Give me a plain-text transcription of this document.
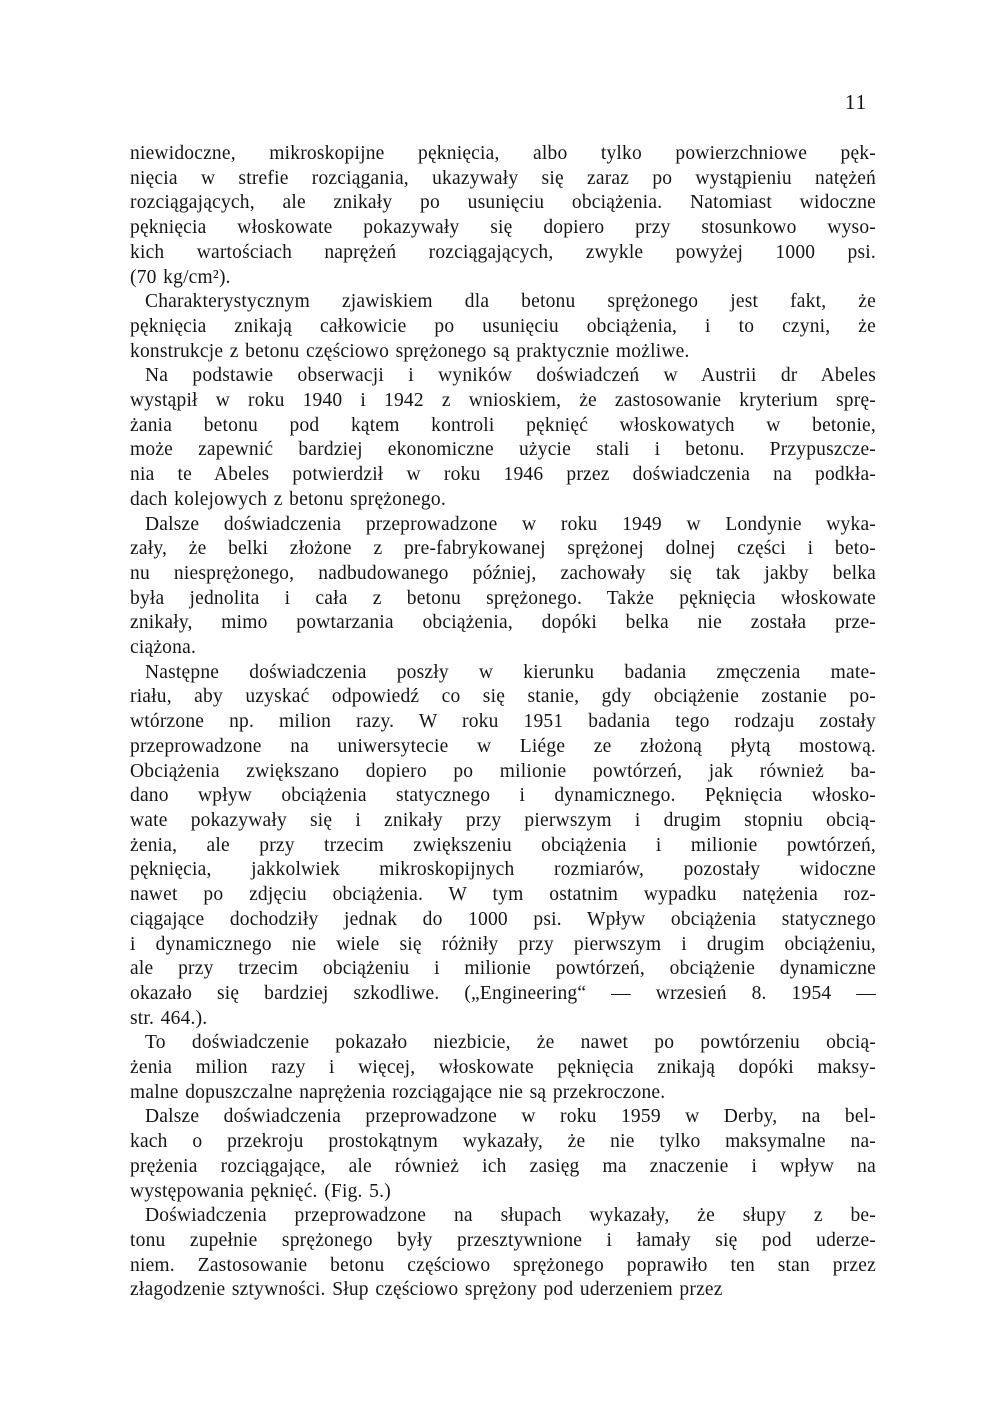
11
niewidoczne, mikroskopijne pęknięcia, albo tylko powierzchniowe pęk-
nięcia w strefie rozciągania, ukazywały się zaraz po wystąpieniu natężeń
rozciągających, ale znikały po usunięciu obciążenia. Natomiast widoczne
pęknięcia włoskowate pokazywały się dopiero przy stosunkowo wyso-
kich wartościach naprężeń rozciągających, zwykle powyżej 1000 psi.
(70 kg/cm²).
Charakterystycznym zjawiskiem dla betonu sprężonego jest fakt, że
pęknięcia znikają całkowicie po usunięciu obciążenia, i to czyni, że
konstrukcje z betonu częściowo sprężonego są praktycznie możliwe.
Na podstawie obserwacji i wyników doświadczeń w Austrii dr Abeles
wystąpił w roku 1940 i 1942 z wnioskiem, że zastosowanie kryterium sprę-
żania betonu pod kątem kontroli pęknięć włoskowatych w betonie,
może zapewnić bardziej ekonomiczne użycie stali i betonu. Przypuszcze-
nia te Abeles potwierdził w roku 1946 przez doświadczenia na podkła-
dach kolejowych z betonu sprężonego.
Dalsze doświadczenia przeprowadzone w roku 1949 w Londynie wyka-
zały, że belki złożone z pre-fabrykowanej sprężonej dolnej części i beto-
nu niesprężonego, nadbudowanego później, zachowały się tak jakby belka
była jednolita i cała z betonu sprężonego. Także pęknięcia włoskowate
znikały, mimo powtarzania obciążenia, dopóki belka nie została prze-
ciążona.
Następne doświadczenia poszły w kierunku badania zmęczenia mate-
riału, aby uzyskać odpowiedź co się stanie, gdy obciążenie zostanie po-
wtórzone np. milion razy. W roku 1951 badania tego rodzaju zostały
przeprowadzone na uniwersytecie w Liége ze złożoną płytą mostową.
Obciążenia zwiększano dopiero po milionie powtórzeń, jak również ba-
dano wpływ obciążenia statycznego i dynamicznego. Pęknięcia włosko-
wate pokazywały się i znikały przy pierwszym i drugim stopniu obcią-
żenia, ale przy trzecim zwiększeniu obciążenia i milionie powtórzeń,
pęknięcia, jakkolwiek mikroskopijnych rozmiarów, pozostały widoczne
nawet po zdjęciu obciążenia. W tym ostatnim wypadku natężenia roz-
ciągające dochodziły jednak do 1000 psi. Wpływ obciążenia statycznego
i dynamicznego nie wiele się różniły przy pierwszym i drugim obciążeniu,
ale przy trzecim obciążeniu i milionie powtórzeń, obciążenie dynamiczne
okazało się bardziej szkodliwe. („Engineering“ — wrzesień 8. 1954 —
str. 464.).
To doświadczenie pokazało niezbicie, że nawet po powtórzeniu obcią-
żenia milion razy i więcej, włoskowate pęknięcia znikają dopóki maksy-
malne dopuszczalne naprężenia rozciągające nie są przekroczone.
Dalsze doświadczenia przeprowadzone w roku 1959 w Derby, na bel-
kach o przekroju prostokątnym wykazały, że nie tylko maksymalne na-
prężenia rozciągające, ale również ich zasięg ma znaczenie i wpływ na
występowania pęknięć. (Fig. 5.)
Doświadczenia przeprowadzone na słupach wykazały, że słupy z be-
tonu zupełnie sprężonego były przesztywnione i łamały się pod uderze-
niem. Zastosowanie betonu częściowo sprężonego poprawiło ten stan przez
złagodzenie sztywności. Słup częściowo sprężony pod uderzeniem przez
